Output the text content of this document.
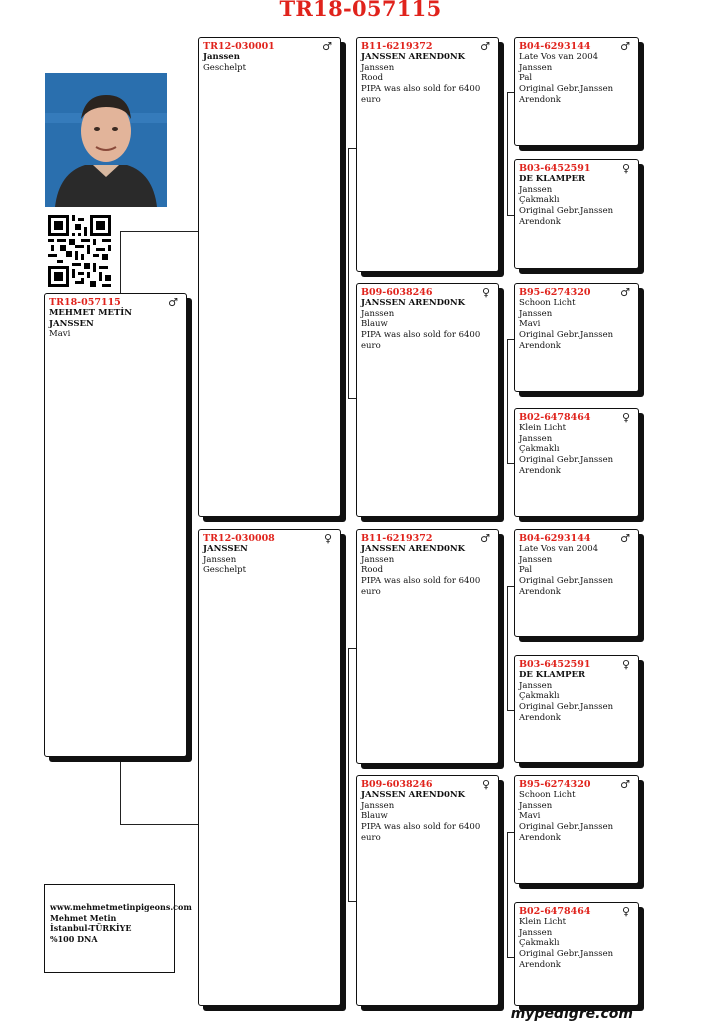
TR18-057115
TR18-057115	♂
MEHMET METİN
JANSSEN
Mavi
TR12-030001	♂
Janssen
Geschelpt
TR12-030008	♀
JANSSEN
Janssen
Geschelpt
B11-6219372	♂
JANSSEN AREND0NK
Janssen
Rood
PIPA was also sold for 6400 euro
B09-6038246	♀
JANSSEN AREND0NK
Janssen
Blauw
PIPA was also sold for 6400 euro
B11-6219372	♂
JANSSEN AREND0NK
Janssen
Rood
PIPA was also sold for 6400 euro
B09-6038246	♀
JANSSEN AREND0NK
Janssen
Blauw
PIPA was also sold for 6400 euro
B04-6293144	♂
Late Vos van 2004
Janssen
Pal
Original Gebr.Janssen Arendonk
B03-6452591	♀
DE KLAMPER
Janssen
Çakmaklı
Original Gebr.Janssen Arendonk
B95-6274320	♂
Schoon Licht
Janssen
Mavi
Original Gebr.Janssen Arendonk
B02-6478464	♀
Klein Licht
Janssen
Çakmaklı
Original Gebr.Janssen Arendonk
B04-6293144	♂
Late Vos van 2004
Janssen
Pal
Original Gebr.Janssen Arendonk
B03-6452591	♀
DE KLAMPER
Janssen
Çakmaklı
Original Gebr.Janssen Arendonk
B95-6274320	♂
Schoon Licht
Janssen
Mavi
Original Gebr.Janssen Arendonk
B02-6478464	♀
Klein Licht
Janssen
Çakmaklı
Original Gebr.Janssen Arendonk
www.mehmetmetinpigeons.com
Mehmet Metin
İstanbul-TÜRKİYE
%100 DNA
mypedigre.com
